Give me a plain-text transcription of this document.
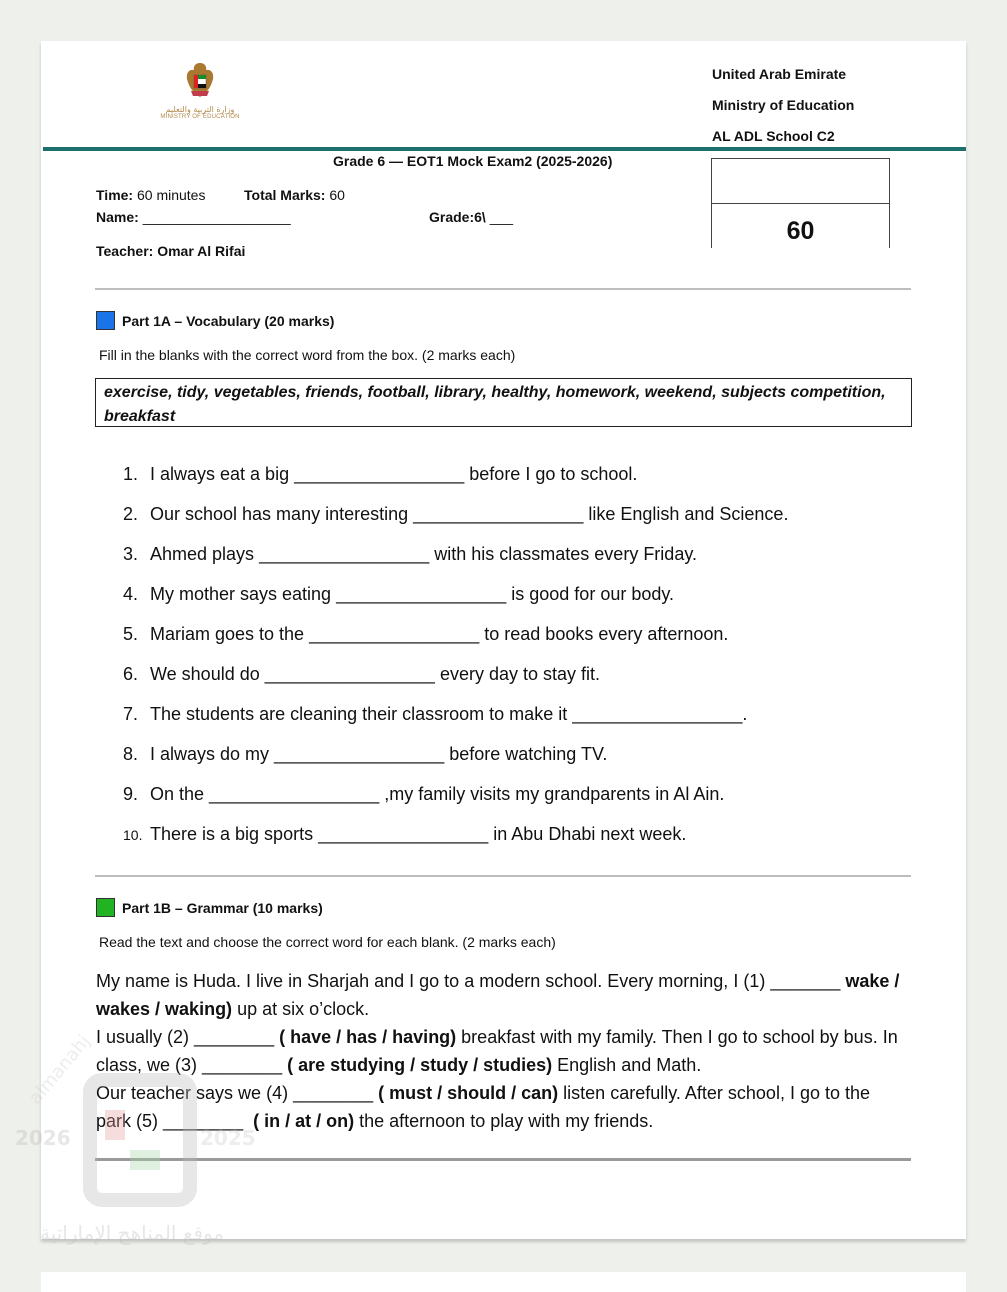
وزارة التربية والتعليم
MINISTRY OF EDUCATION
United Arab Emirate
Ministry of Education
AL ADL School C2
Grade 6 — EOT1 Mock Exam2 (2025-2026)
60
Time: 60 minutes	Total Marks: 60
Name: ___________________	Grade:6\ ___
Teacher: Omar Al Rifai
Part 1A – Vocabulary (20 marks)
Fill in the blanks with the correct word from the box. (2 marks each)
exercise, tidy, vegetables, friends, football, library, healthy, homework, weekend, subjects competition, breakfast
1. I always eat a big _________________ before I go to school.
2. Our school has many interesting _________________ like English and Science.
3. Ahmed plays _________________ with his classmates every Friday.
4. My mother says eating _________________ is good for our body.
5. Mariam goes to the _________________ to read books every afternoon.
6. We should do _________________ every day to stay fit.
7. The students are cleaning their classroom to make it _________________.
8. I always do my _________________ before watching TV.
9. On the _________________ ,my family visits my grandparents in Al Ain.
10. There is a big sports _________________ in Abu Dhabi next week.
Part 1B – Grammar (10 marks)
Read the text and choose the correct word for each blank. (2 marks each)
My name is Huda. I live in Sharjah and I go to a modern school. Every morning, I (1) _______ wake / wakes / waking) up at six o’clock.
I usually (2) ________ ( have / has / having) breakfast with my family. Then I go to school by bus. In class, we (3) ________ ( are studying / study / studies) English and Math.
Our teacher says we (4) ________ ( must / should / can) listen carefully. After school, I go to the park (5) ________  ( in / at / on) the afternoon to play with my friends.
2026	2025
almanahj
موقع المناهج الإماراتية
